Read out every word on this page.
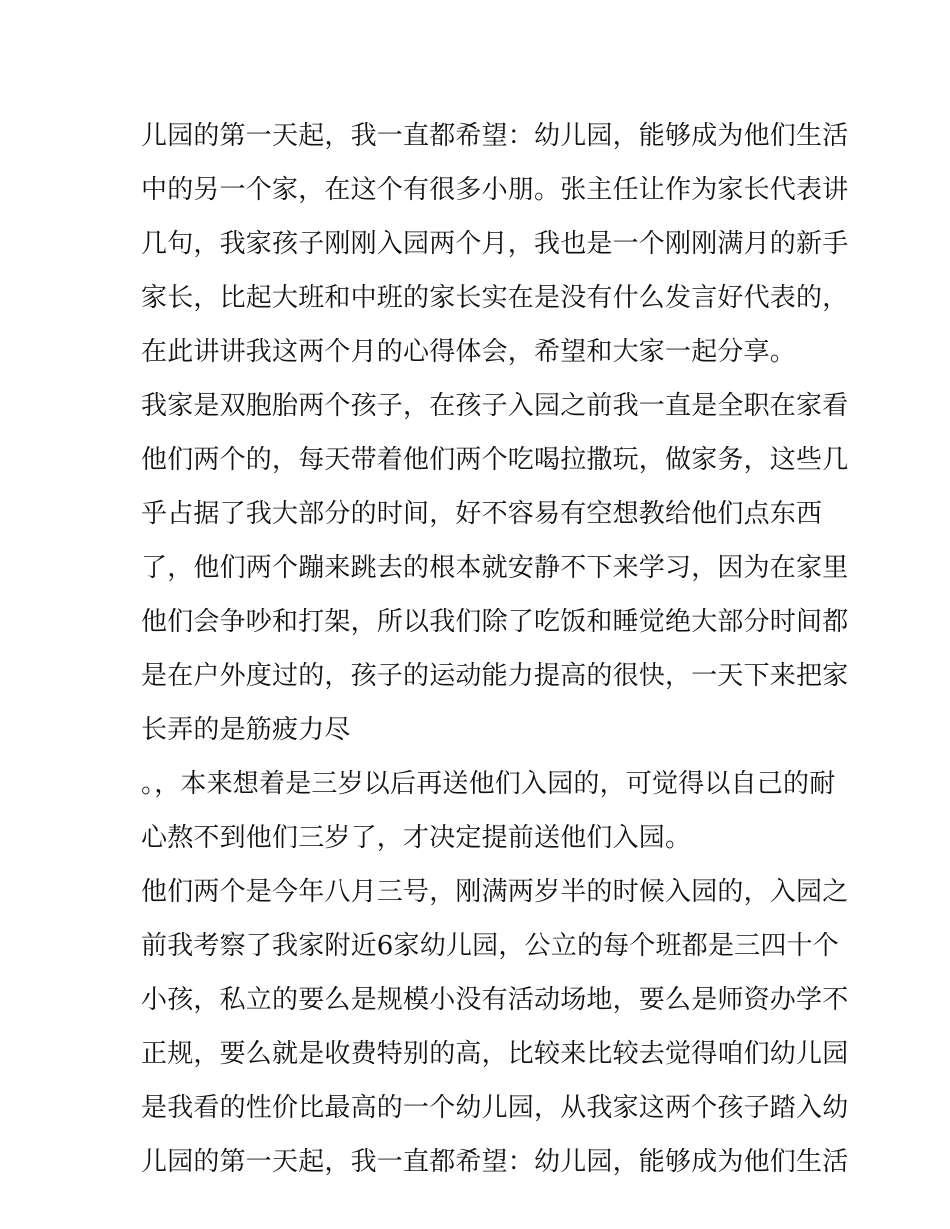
儿园的第一天起，我一直都希望：幼儿园，能够成为他们生活
中的另一个家，在这个有很多小朋。张主任让作为家长代表讲
几句，我家孩子刚刚入园两个月，我也是一个刚刚满月的新手
家长，比起大班和中班的家长实在是没有什么发言好代表的，
在此讲讲我这两个月的心得体会，希望和大家一起分享。
我家是双胞胎两个孩子，在孩子入园之前我一直是全职在家看
他们两个的，每天带着他们两个吃喝拉撒玩，做家务，这些几
乎占据了我大部分的时间，好不容易有空想教给他们点东西
了，他们两个蹦来跳去的根本就安静不下来学习，因为在家里
他们会争吵和打架，所以我们除了吃饭和睡觉绝大部分时间都
是在户外度过的，孩子的运动能力提高的很快，一天下来把家
长弄的是筋疲力尽
。，本来想着是三岁以后再送他们入园的，可觉得以自己的耐
心熬不到他们三岁了，才决定提前送他们入园。
他们两个是今年八月三号，刚满两岁半的时候入园的，入园之
前我考察了我家附近6家幼儿园，公立的每个班都是三四十个
小孩，私立的要么是规模小没有活动场地，要么是师资办学不
正规，要么就是收费特别的高，比较来比较去觉得咱们幼儿园
是我看的性价比最高的一个幼儿园，从我家这两个孩子踏入幼
儿园的第一天起，我一直都希望：幼儿园，能够成为他们生活
